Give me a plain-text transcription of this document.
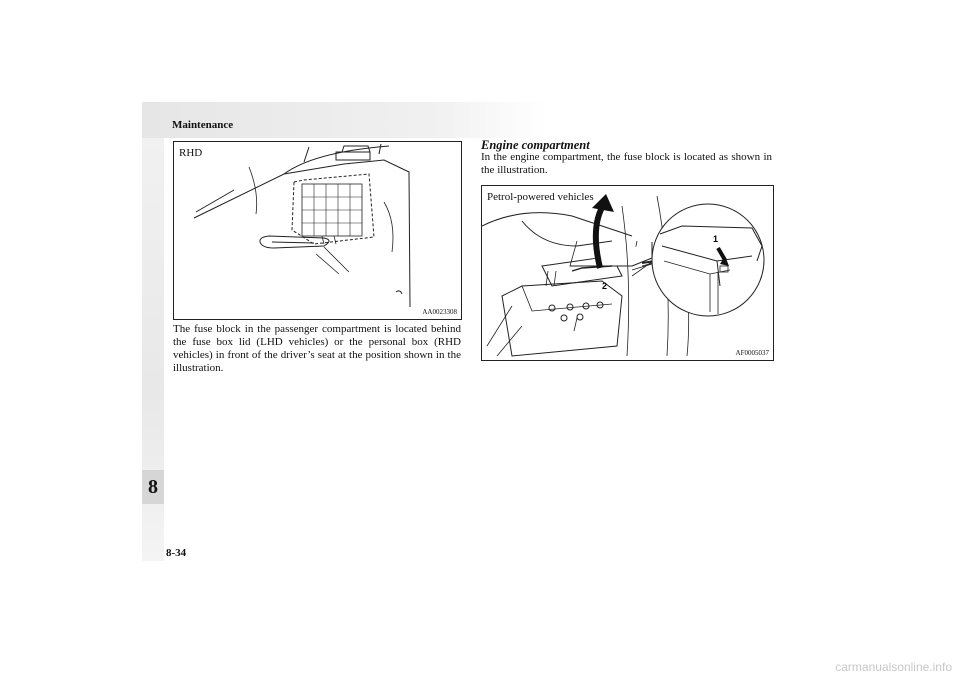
8
Maintenance
RHD
AA0023308
The fuse block in the passenger compartment is located behind the fuse box lid (LHD vehicles) or the personal box (RHD vehicles) in front of the driver’s seat at the position shown in the illustration.
Engine compartment
In the engine compartment, the fuse block is located as shown in the illustration.
1
2
Petrol-powered vehicles
AF0005037
8-34
carmanualsonline.info
